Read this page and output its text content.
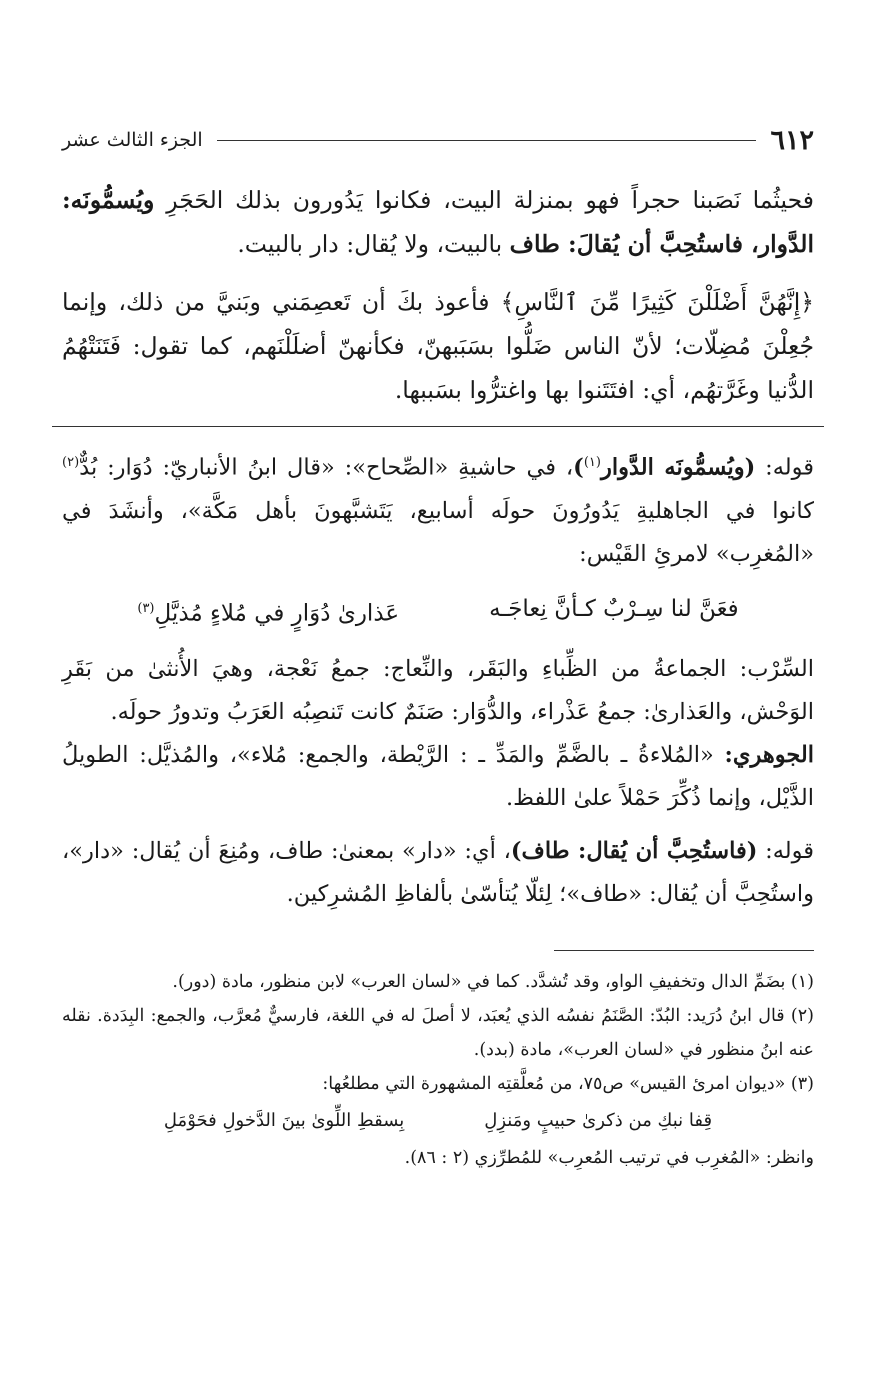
٦١٢
الجزء الثالث عشر

فحيثُما نَصَبنا حجراً فهو بمنزلة البيت، فكانوا يَدُورون بذلك الحَجَرِ ويُسمُّونَه: الدَّوار، فاستُحِبَّ أن يُقالَ: طاف بالبيت، ولا يُقال: دار بالبيت.

﴿إِنَّهُنَّ أَضْلَلْنَ كَثِيرًا مِّنَ ٱلنَّاسِ﴾ فأعوذ بكَ أن تَعصِمَني وبَنيَّ من ذلك، وإنما جُعِلْنَ مُضِلّات؛ لأنّ الناس ضَلُّوا بسَبَبهنّ، فكأنهنّ أضلَلْنَهم، كما تقول: فَتَنَتْهُمُ الدُّنيا وغَرَّتهُم، أي: افتَتَنوا بها واغترُّوا بسَببها.

قوله: (ويُسمُّونَه الدَّوار$^{(١)}$)، في حاشيةِ «الصِّحاح»: «قال ابنُ الأنباريّ: دُوَار: بُدٌّ$^{(٢)}$ كانوا في الجاهليةِ يَدُورُونَ حولَه أسابيع، يَتَشبَّهونَ بأهل مَكَّة»، وأنشَدَ في «المُغرِب» لامرئِ القَيْس:

فعَنَّ لنا سِـرْبٌ كـأنَّ نِعاجَـه
عَذارىٰ دُوَارٍ في مُلاءٍ مُذيَّلِ$^{(٣)}$

السِّرْب: الجماعةُ من الظِّباءِ والبَقَر، والنِّعاج: جمعُ نَعْجة، وهيَ الأُنثىٰ من بَقَرِ الوَحْش، والعَذارىٰ: جمعُ عَذْراء، والدُّوَار: صَنَمٌ كانت تَنصِبُه العَرَبُ وتدورُ حولَه.
الجوهري: «المُلاءةُ ـ بالضَّمِّ والمَدِّ ـ : الرَّيْطة، والجمع: مُلاء»، والمُذيَّل: الطويلُ الذَّيْل، وإنما ذُكِّرَ حَمْلاً علىٰ اللفظ.

قوله: (فاستُحِبَّ أن يُقال: طاف)، أي: «دار» بمعنىٰ: طاف، ومُنِعَ أن يُقال: «دار»، واستُحِبَّ أن يُقال: «طاف»؛ لِئلّا يُتأسّىٰ بألفاظِ المُشرِكين.

(١) بضَمِّ الدال وتخفيفِ الواو، وقد تُشدَّد. كما في «لسان العرب» لابن منظور، مادة (دور).

(٢) قال ابنُ دُرَيد: البُدّ: الصَّنَمُ نفسُه الذي يُعبَد، لا أصلَ له في اللغة، فارسيٌّ مُعرَّب، والجمع: البِدَدة. نقله عنه ابنُ منظور في «لسان العرب»، مادة (بدد).

(٣) «ديوان امرئ القيس» ص٧٥، من مُعلَّقتِه المشهورة التي مطلعُها:

قِفا نبكِ من ذكرىٰ حبيبٍ ومَنزِلِ
بِسقطِ اللِّوىٰ بينَ الدَّخولِ فحَوْمَلِ

وانظر: «المُغرِب في ترتيب المُعرِب» للمُطرِّزي (٢ : ٨٦).
